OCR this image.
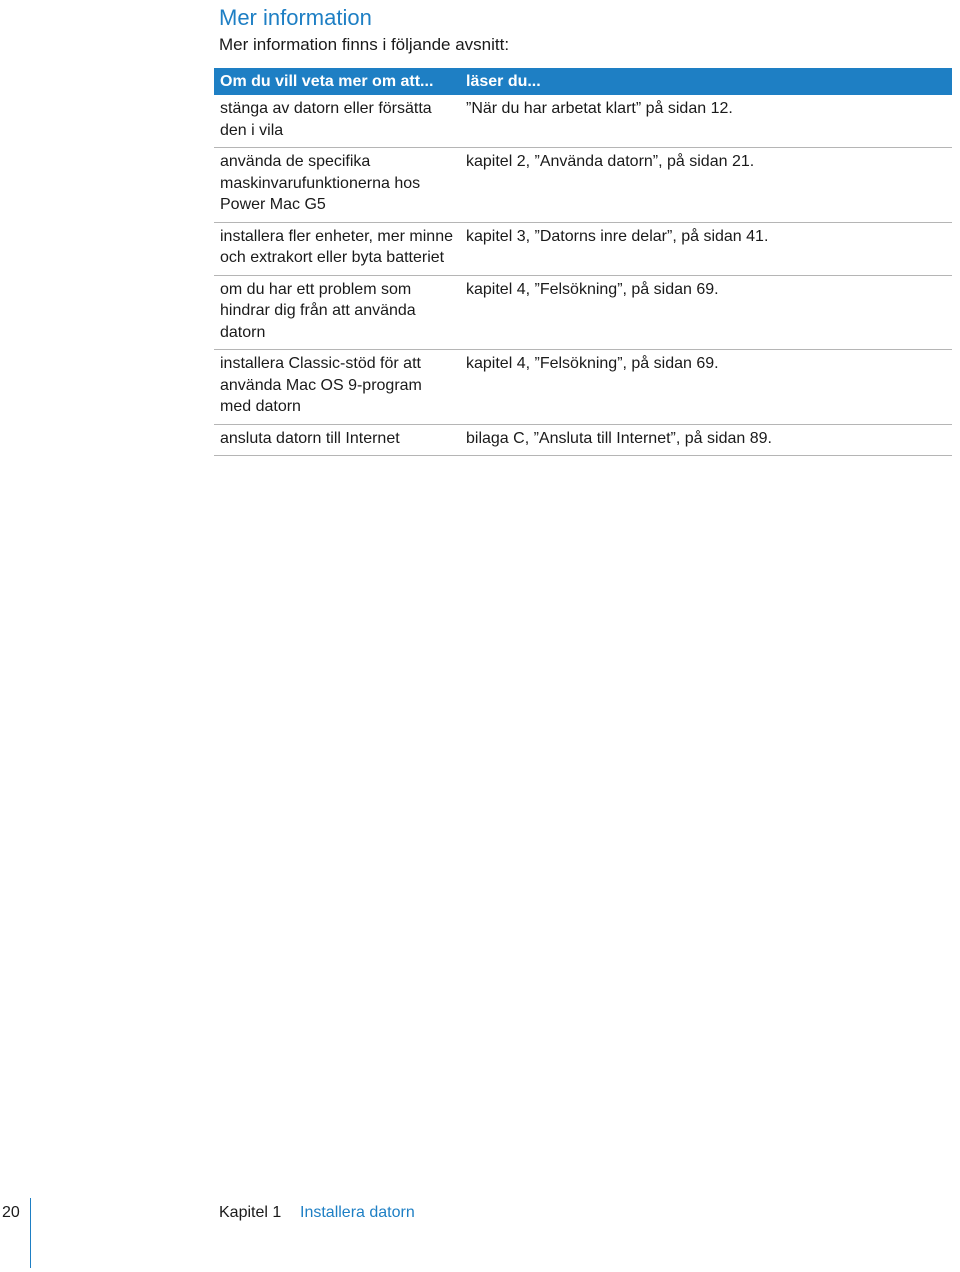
Mer information

Mer information finns i följande avsnitt:

Om du vill veta mer om att...	läser du...
stänga av datorn eller försätta den i vila	”När du har arbetat klart” på sidan 12.
använda de specifika maskinvarufunktionerna hos Power Mac G5	kapitel 2, ”Använda datorn”, på sidan 21.
installera fler enheter, mer minne och extrakort eller byta batteriet	kapitel 3, ”Datorns inre delar”, på sidan 41.
om du har ett problem som hindrar dig från att använda datorn	kapitel 4, ”Felsökning”, på sidan 69.
installera Classic-stöd för att använda Mac OS 9-program med datorn	kapitel 4, ”Felsökning”, på sidan 69.
ansluta datorn till Internet	bilaga C, ”Ansluta till Internet”, på sidan 89.
20	Kapitel 1 Installera datorn
